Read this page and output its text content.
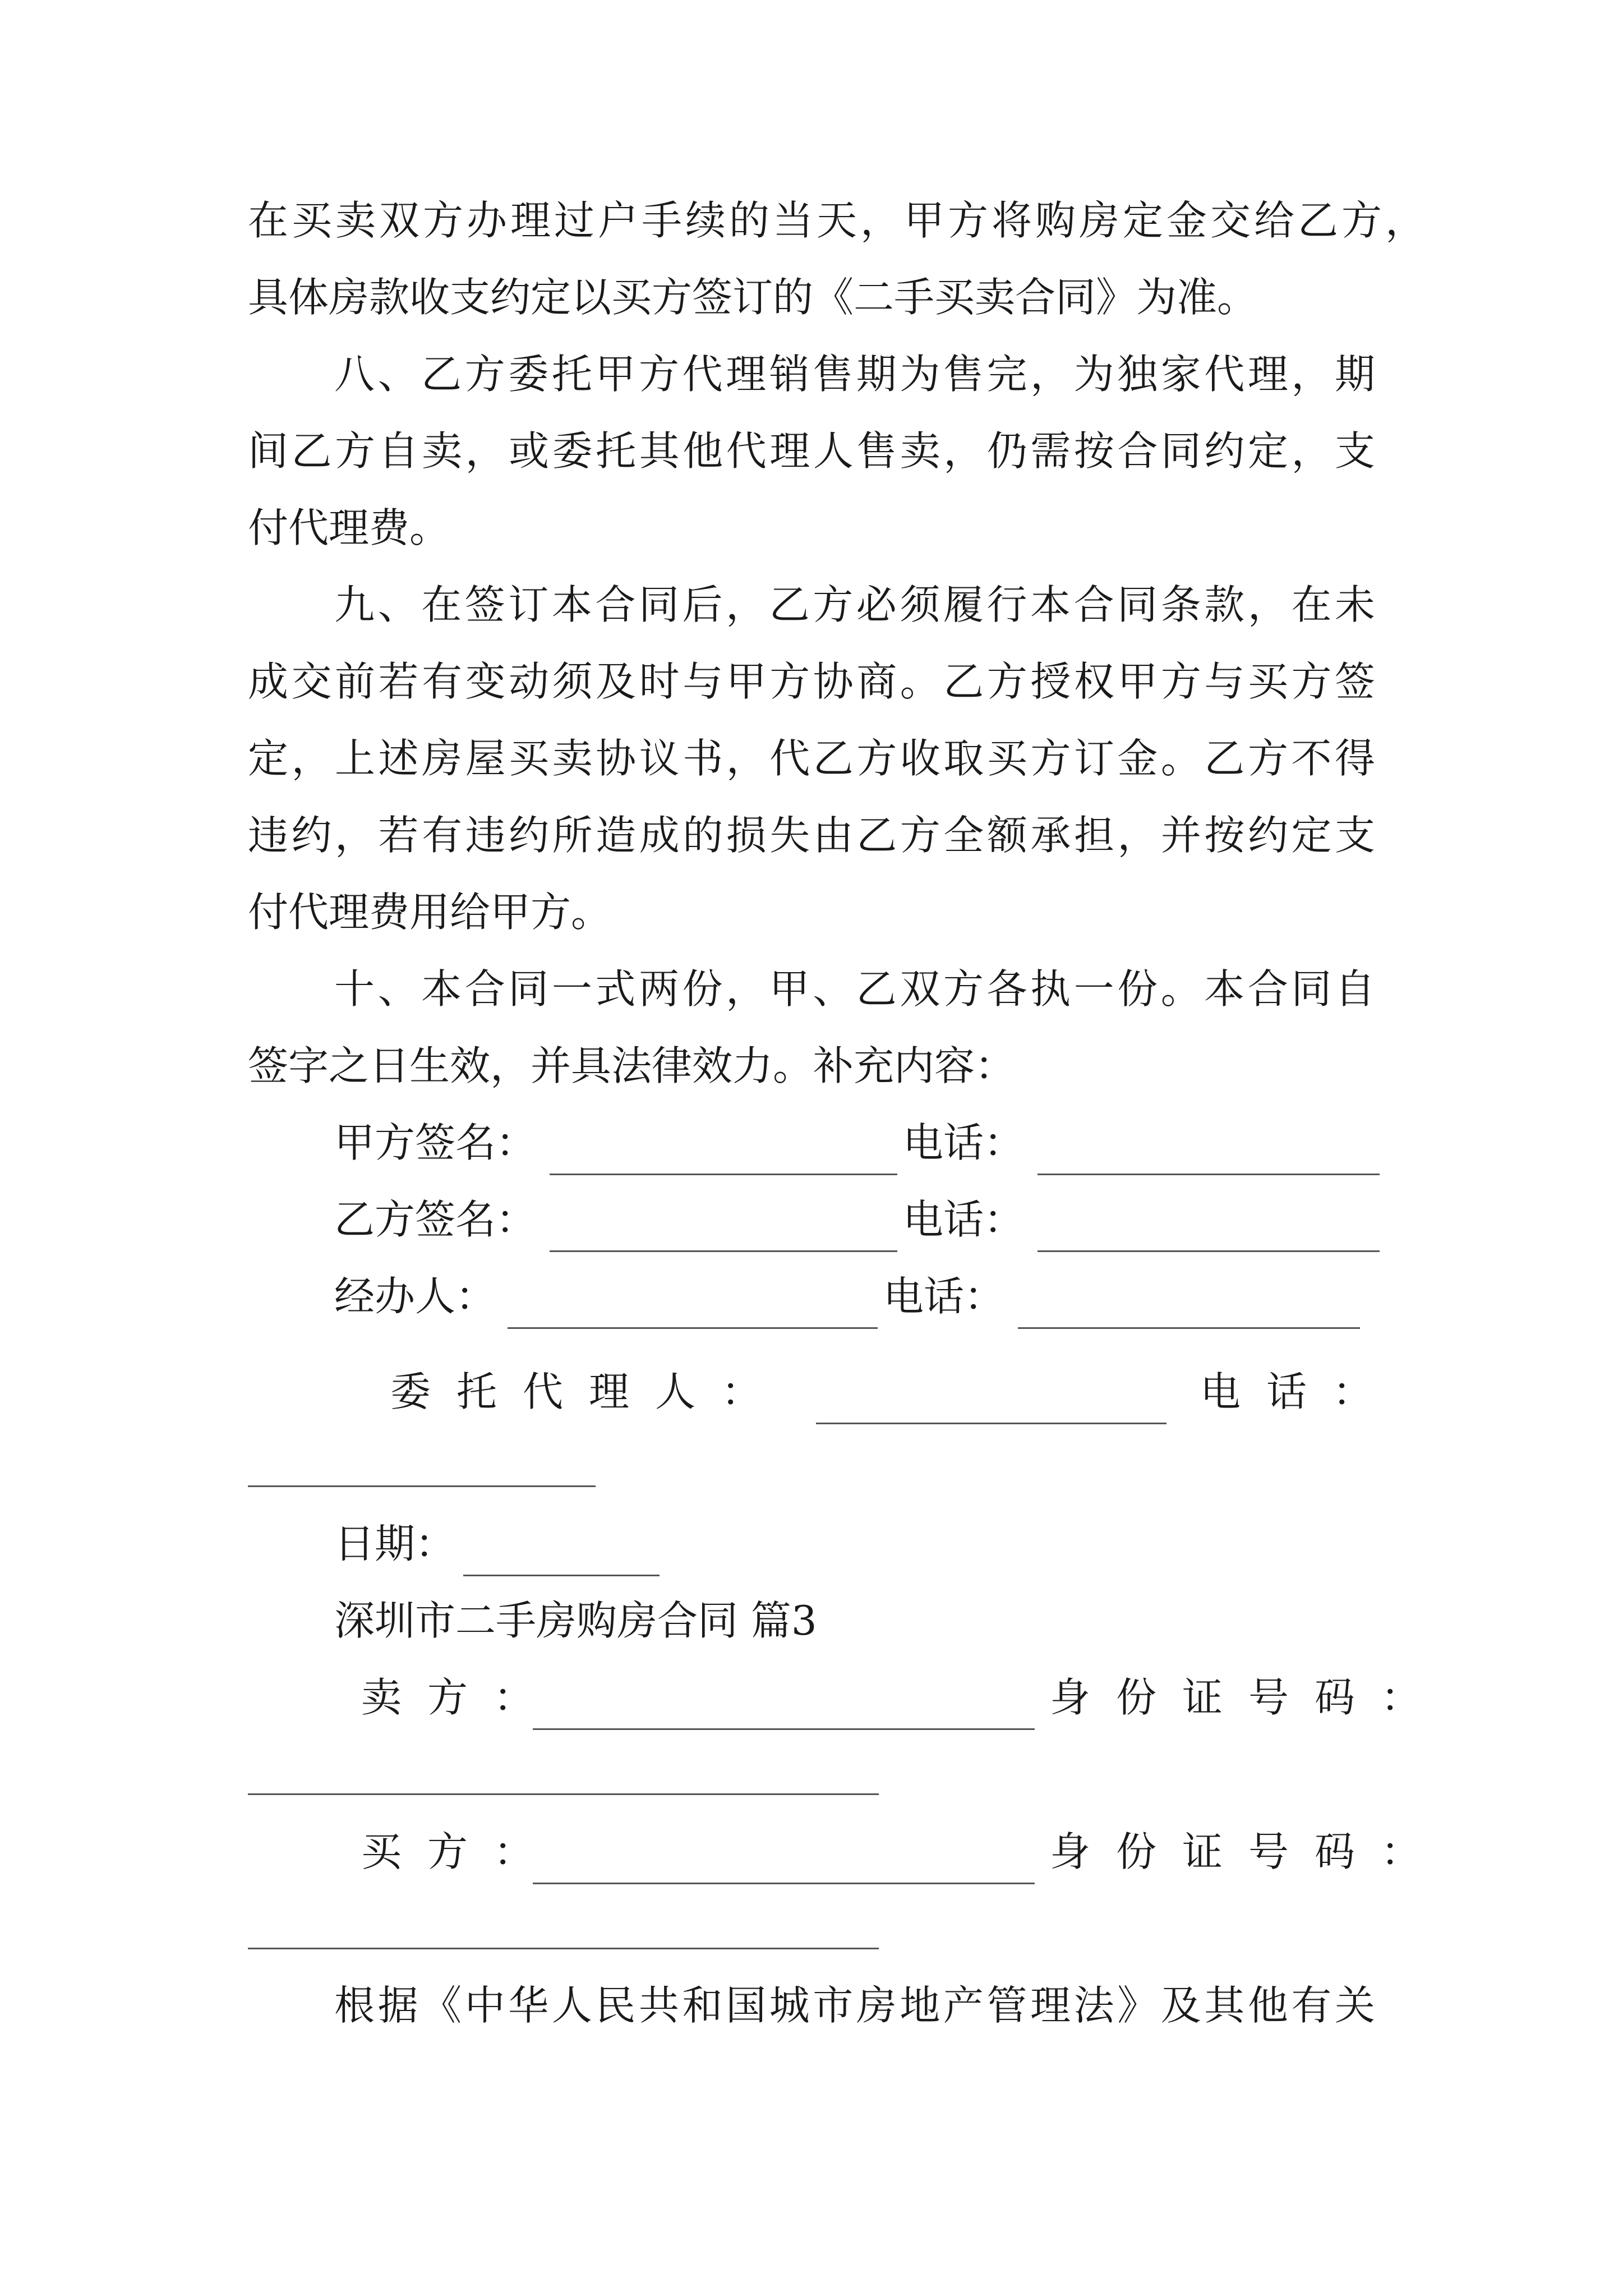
在买卖双方办理过户手续的当天，甲方将购房定金交给乙方，
具体房款收支约定以买方签订的《二手买卖合同》为准。
八、乙方委托甲方代理销售期为售完，为独家代理，期
间乙方自卖，或委托其他代理人售卖，仍需按合同约定，支
付代理费。
九、在签订本合同后，乙方必须履行本合同条款，在未
成交前若有变动须及时与甲方协商。乙方授权甲方与买方签
定，上述房屋买卖协议书，代乙方收取买方订金。乙方不得
违约，若有违约所造成的损失由乙方全额承担，并按约定支
付代理费用给甲方。
十、本合同一式两份，甲、乙双方各执一份。本合同自
签字之日生效，并具法律效力。补充内容：
甲方签名：	电话：
乙方签名：	电话：
经办人：	电话：
委托代理人：	电话：
日期：
深圳市二手房购房合同 篇3
卖方：	身份证号码：
买方：	身份证号码：
根据《中华人民共和国城市房地产管理法》及其他有关
